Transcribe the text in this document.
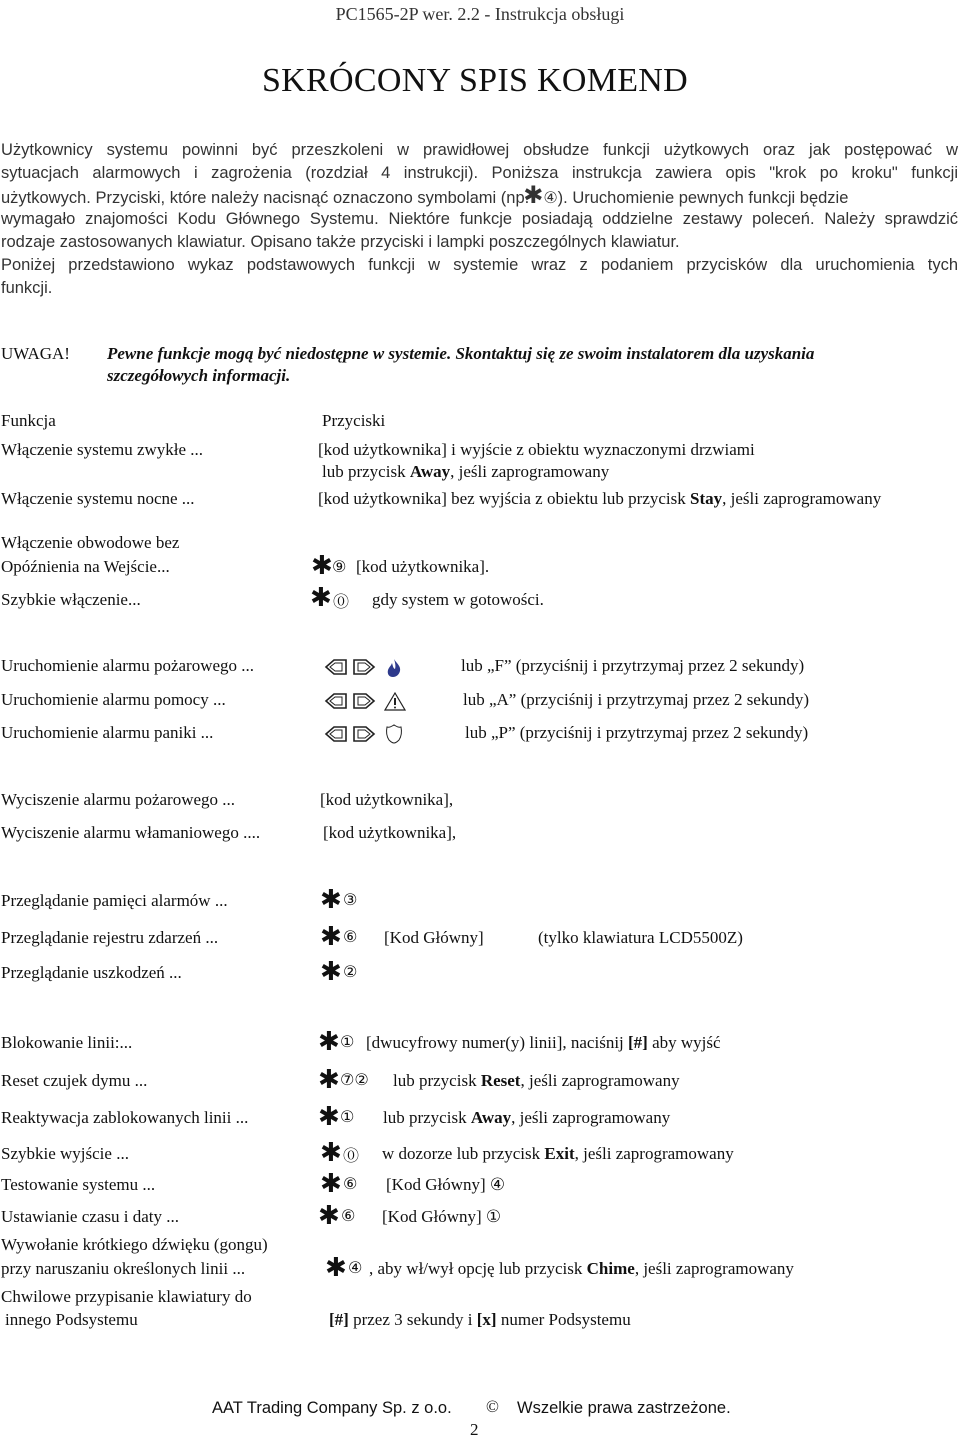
PC1565-2P wer. 2.2 - Instrukcja obsługi
SKRÓCONY SPIS KOMEND
Użytkownicy systemu powinni być przeszkoleni w prawidłowej obsłudze funkcji użytkowych oraz jak postępować w
sytuacjach alarmowych i zagrożenia (rozdział 4 instrukcji). Poniższa instrukcja zawiera opis "krok po kroku" funkcji
użytkowych. Przyciski, które należy nacisnąć oznaczono symbolami (np.
✱ ④ ). Uruchomienie pewnych funkcji będzie
wymagało znajomości Kodu Głównego Systemu. Niektóre funkcje posiadają oddzielne zestawy poleceń. Należy sprawdzić
rodzaje zastosowanych klawiatur. Opisano także przyciski i lampki poszczególnych klawiatur.
Poniżej przedstawiono wykaz podstawowych funkcji w systemie wraz z podaniem przycisków dla uruchomienia tych
funkcji.
UWAGA! Pewne funkcje mogą być niedostępne w systemie. Skontaktuj się ze swoim instalatorem dla uzyskania
szczegółowych informacji.
Funkcja	Przyciski
Włączenie systemu zwykłe ...	[kod użytkownika] i wyjście z obiektu wyznaczonymi drzwiami
lub przycisk Away, jeśli zaprogramowany
Włączenie systemu nocne ...	[kod użytkownika] bez wyjścia z obiektu lub przycisk Stay, jeśli zaprogramowany
Włączenie obwodowe bez
Opóźnienia na Wejście...	✱ ⑨ [kod użytkownika].
Szybkie włączenie...	✱ ⓪ gdy system w gotowości.
Uruchomienie alarmu pożarowego ...	lub „F” (przyciśnij i przytrzymaj przez 2 sekundy)
Uruchomienie alarmu pomocy ...	lub „A” (przyciśnij i przytrzymaj przez 2 sekundy)
Uruchomienie alarmu paniki ...	lub „P” (przyciśnij i przytrzymaj przez 2 sekundy)
Wyciszenie alarmu pożarowego ...	[kod użytkownika],
Wyciszenie alarmu włamaniowego ....	[kod użytkownika],
Przeglądanie pamięci alarmów ...	✱ ③
Przeglądanie rejestru zdarzeń ...	✱ ⑥ [Kod Główny]	(tylko klawiatura LCD5500Z)
Przeglądanie uszkodzeń ...	✱ ②
Blokowanie linii:...	✱ ① [dwucyfrowy numer(y) linii], naciśnij [#] aby wyjść
Reset czujek dymu ...	✱ ⑦② lub przycisk Reset, jeśli zaprogramowany
Reaktywacja zablokowanych linii ...	✱ ① lub przycisk Away, jeśli zaprogramowany
Szybkie wyjście ...	✱ ⓪ w dozorze lub przycisk Exit, jeśli zaprogramowany
Testowanie systemu ...	✱ ⑥ [Kod Główny] ④
Ustawianie czasu i daty ...	✱ ⑥ [Kod Główny] ①
Wywołanie krótkiego dźwięku (gongu)
przy naruszaniu określonych linii ...	✱ ④ , aby wł/wył opcję lub przycisk Chime, jeśli zaprogramowany
Chwilowe przypisanie klawiatury do
innego Podsystemu	[#] przez 3 sekundy i [x] numer Podsystemu
AAT Trading Company Sp. z o.o. © Wszelkie prawa zastrzeżone.
2
